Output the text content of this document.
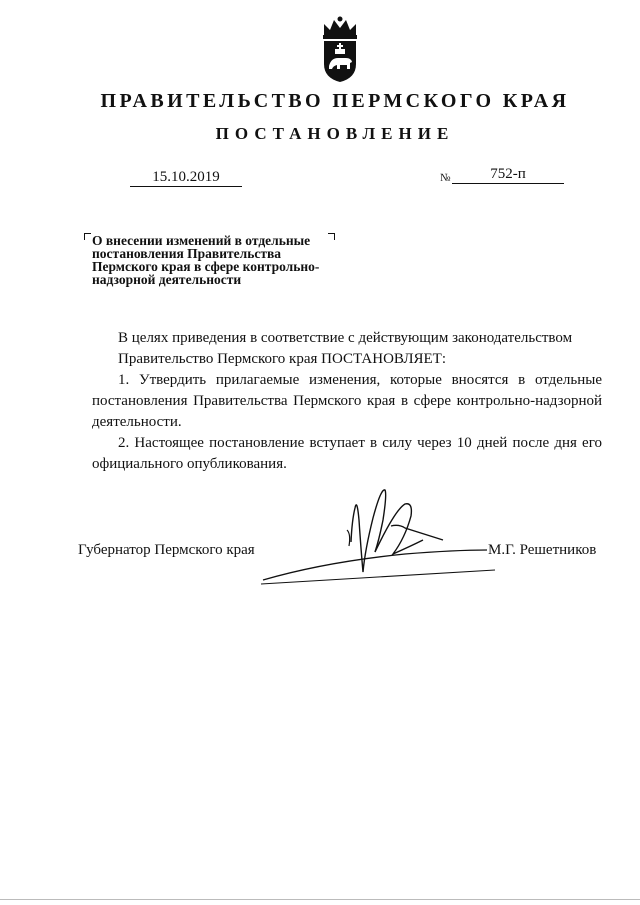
ПРАВИТЕЛЬСТВО ПЕРМСКОГО КРАЯ
ПОСТАНОВЛЕНИЕ
15.10.2019	№	752-п
О внесении изменений в отдельные
постановления Правительства
Пермского края в сфере контрольно-
надзорной деятельности
В целях приведения в соответствие с действующим законодательством
Правительство Пермского края ПОСТАНОВЛЯЕТ:
1. Утвердить прилагаемые изменения, которые вносятся в отдельные постановления Правительства Пермского края в сфере контрольно-надзорной деятельности.
2. Настоящее постановление вступает в силу через 10 дней после дня его официального опубликования.
Губернатор Пермского края	М.Г. Решетников
